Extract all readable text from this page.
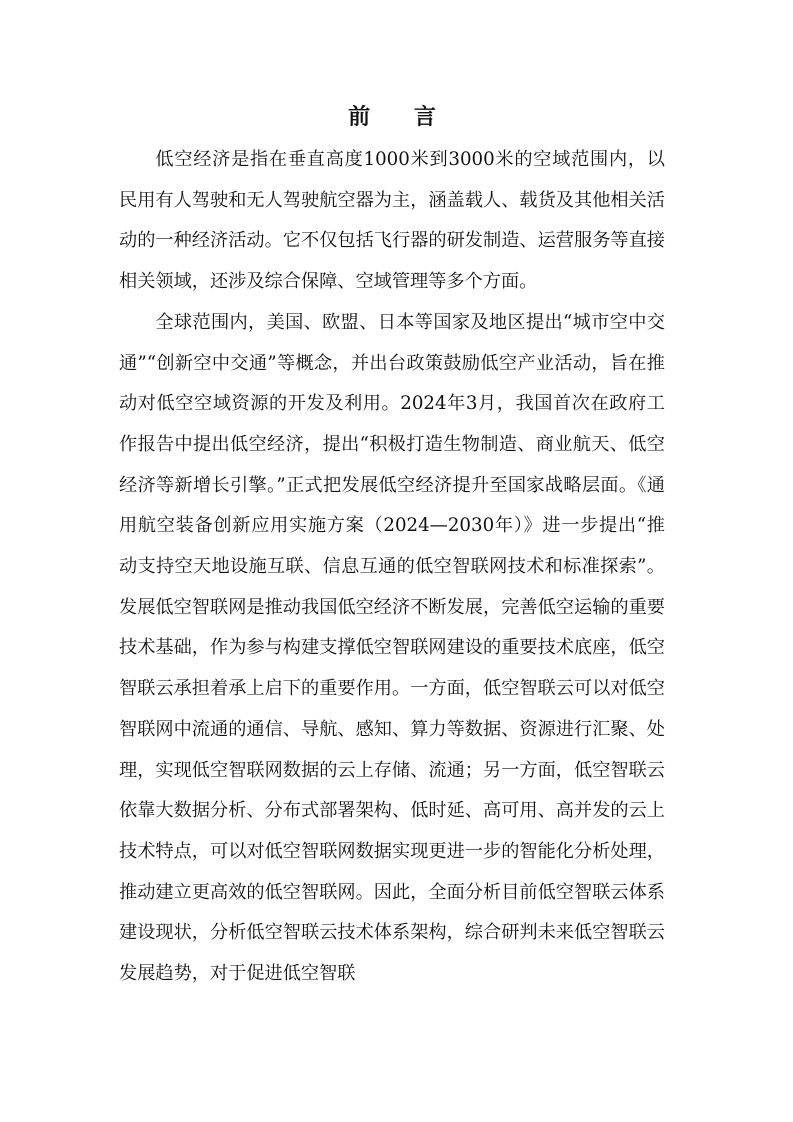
前 言

低空经济是指在垂直高度1000米到3000米的空域范围内，以民用有人驾驶和无人驾驶航空器为主，涵盖载人、载货及其他相关活动的一种经济活动。它不仅包括飞行器的研发制造、运营服务等直接相关领域，还涉及综合保障、空域管理等多个方面。

全球范围内，美国、欧盟、日本等国家及地区提出“城市空中交通”“创新空中交通”等概念，并出台政策鼓励低空产业活动，旨在推动对低空空域资源的开发及利用。2024年3月，我国首次在政府工作报告中提出低空经济，提出“积极打造生物制造、商业航天、低空经济等新增长引擎。”正式把发展低空经济提升至国家战略层面。《通用航空装备创新应用实施方案（2024—2030年）》进一步提出“推动支持空天地设施互联、信息互通的低空智联网技术和标准探索”。发展低空智联网是推动我国低空经济不断发展，完善低空运输的重要技术基础，作为参与构建支撑低空智联网建设的重要技术底座，低空智联云承担着承上启下的重要作用。一方面，低空智联云可以对低空智联网中流通的通信、导航、感知、算力等数据、资源进行汇聚、处理，实现低空智联网数据的云上存储、流通；另一方面，低空智联云依靠大数据分析、分布式部署架构、低时延、高可用、高并发的云上技术特点，可以对低空智联网数据实现更进一步的智能化分析处理，推动建立更高效的低空智联网。因此，全面分析目前低空智联云体系建设现状，分析低空智联云技术体系架构，综合研判未来低空智联云发展趋势，对于促进低空智联
